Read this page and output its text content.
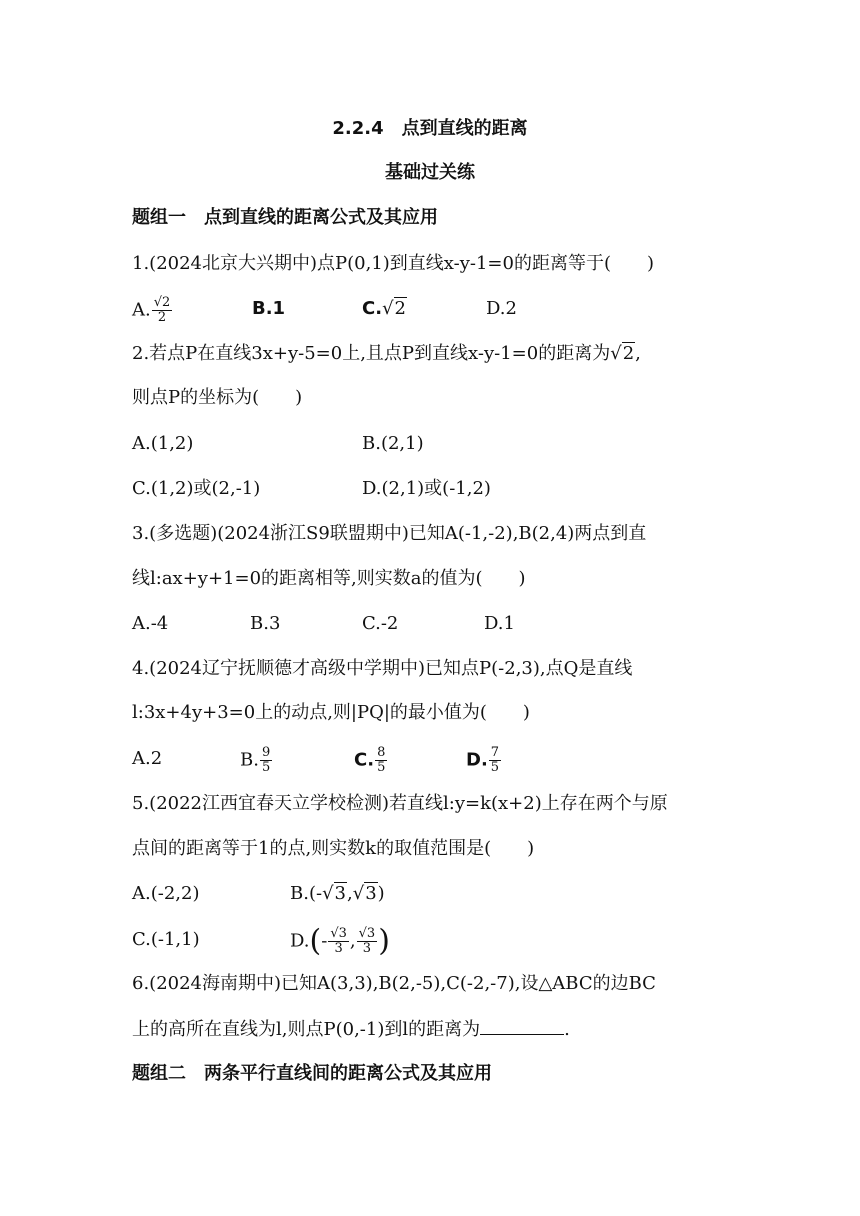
2.2.4　点到直线的距离
基础过关练
题组一　点到直线的距离公式及其应用
1.(2024北京大兴期中)点P(0,1)到直线x-y-1=0的距离等于(　　)
A. $\frac{√2}{2}$	B.1	C.√2	D.2
2.若点P在直线3x+y-5=0上,且点P到直线x-y-1=0的距离为√2,
则点P的坐标为(　　)
A.(1,2)	B.(2,1)
C.(1,2)或(2,-1)	D.(2,1)或(-1,2)
3.(多选题)(2024浙江S9联盟期中)已知A(-1,-2),B(2,4)两点到直
线l:ax+y+1=0的距离相等,则实数a的值为(　　)
A.-4	B.3	C.-2	D.1
4.(2024辽宁抚顺德才高级中学期中)已知点P(-2,3),点Q是直线
l:3x+4y+3=0上的动点,则|PQ|的最小值为(　　)
A.2	B. $\frac{9}{5}$	C. $\frac{8}{5}$	D. $\frac{7}{5}$
5.(2022江西宜春天立学校检测)若直线l:y=k(x+2)上存在两个与原
点间的距离等于1的点,则实数k的取值范围是(　　)
A.(-2,2)	B.(-√3,√3)
C.(-1,1)	$D.(- \frac{√3}{3}$ , $\frac{√3}{3}$ )
6.(2024海南期中)已知A(3,3),B(2,-5),C(-2,-7),设△ABC的边BC
上的高所在直线为l,则点P(0,-1)到l的距离为	.
题组二　两条平行直线间的距离公式及其应用
